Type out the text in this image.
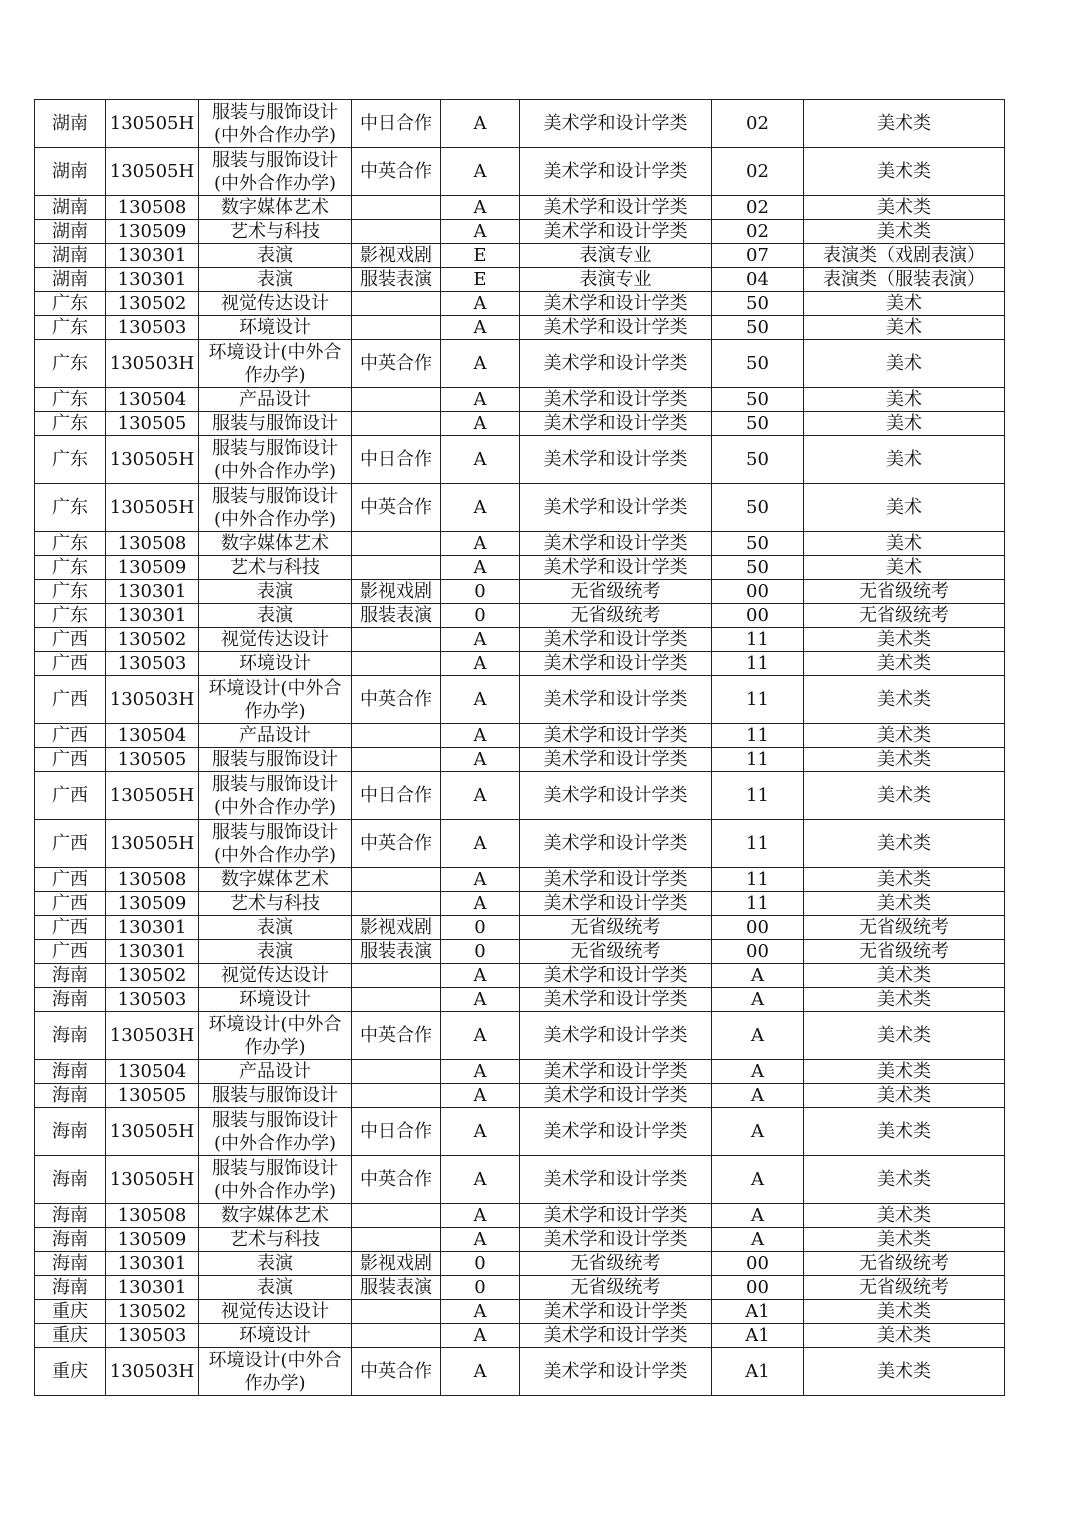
湖南	130505H	服装与服饰设计(中外合作办学)	中日合作	A	美术学和设计学类	02	美术类
湖南	130505H	服装与服饰设计(中外合作办学)	中英合作	A	美术学和设计学类	02	美术类
湖南	130508	数字媒体艺术		A	美术学和设计学类	02	美术类
湖南	130509	艺术与科技		A	美术学和设计学类	02	美术类
湖南	130301	表演	影视戏剧	E	表演专业	07	表演类（戏剧表演）
湖南	130301	表演	服装表演	E	表演专业	04	表演类（服装表演）
广东	130502	视觉传达设计		A	美术学和设计学类	50	美术
广东	130503	环境设计		A	美术学和设计学类	50	美术
广东	130503H	环境设计(中外合作办学)	中英合作	A	美术学和设计学类	50	美术
广东	130504	产品设计		A	美术学和设计学类	50	美术
广东	130505	服装与服饰设计		A	美术学和设计学类	50	美术
广东	130505H	服装与服饰设计(中外合作办学)	中日合作	A	美术学和设计学类	50	美术
广东	130505H	服装与服饰设计(中外合作办学)	中英合作	A	美术学和设计学类	50	美术
广东	130508	数字媒体艺术		A	美术学和设计学类	50	美术
广东	130509	艺术与科技		A	美术学和设计学类	50	美术
广东	130301	表演	影视戏剧	0	无省级统考	00	无省级统考
广东	130301	表演	服装表演	0	无省级统考	00	无省级统考
广西	130502	视觉传达设计		A	美术学和设计学类	11	美术类
广西	130503	环境设计		A	美术学和设计学类	11	美术类
广西	130503H	环境设计(中外合作办学)	中英合作	A	美术学和设计学类	11	美术类
广西	130504	产品设计		A	美术学和设计学类	11	美术类
广西	130505	服装与服饰设计		A	美术学和设计学类	11	美术类
广西	130505H	服装与服饰设计(中外合作办学)	中日合作	A	美术学和设计学类	11	美术类
广西	130505H	服装与服饰设计(中外合作办学)	中英合作	A	美术学和设计学类	11	美术类
广西	130508	数字媒体艺术		A	美术学和设计学类	11	美术类
广西	130509	艺术与科技		A	美术学和设计学类	11	美术类
广西	130301	表演	影视戏剧	0	无省级统考	00	无省级统考
广西	130301	表演	服装表演	0	无省级统考	00	无省级统考
海南	130502	视觉传达设计		A	美术学和设计学类	A	美术类
海南	130503	环境设计		A	美术学和设计学类	A	美术类
海南	130503H	环境设计(中外合作办学)	中英合作	A	美术学和设计学类	A	美术类
海南	130504	产品设计		A	美术学和设计学类	A	美术类
海南	130505	服装与服饰设计		A	美术学和设计学类	A	美术类
海南	130505H	服装与服饰设计(中外合作办学)	中日合作	A	美术学和设计学类	A	美术类
海南	130505H	服装与服饰设计(中外合作办学)	中英合作	A	美术学和设计学类	A	美术类
海南	130508	数字媒体艺术		A	美术学和设计学类	A	美术类
海南	130509	艺术与科技		A	美术学和设计学类	A	美术类
海南	130301	表演	影视戏剧	0	无省级统考	00	无省级统考
海南	130301	表演	服装表演	0	无省级统考	00	无省级统考
重庆	130502	视觉传达设计		A	美术学和设计学类	A1	美术类
重庆	130503	环境设计		A	美术学和设计学类	A1	美术类
重庆	130503H	环境设计(中外合作办学)	中英合作	A	美术学和设计学类	A1	美术类
